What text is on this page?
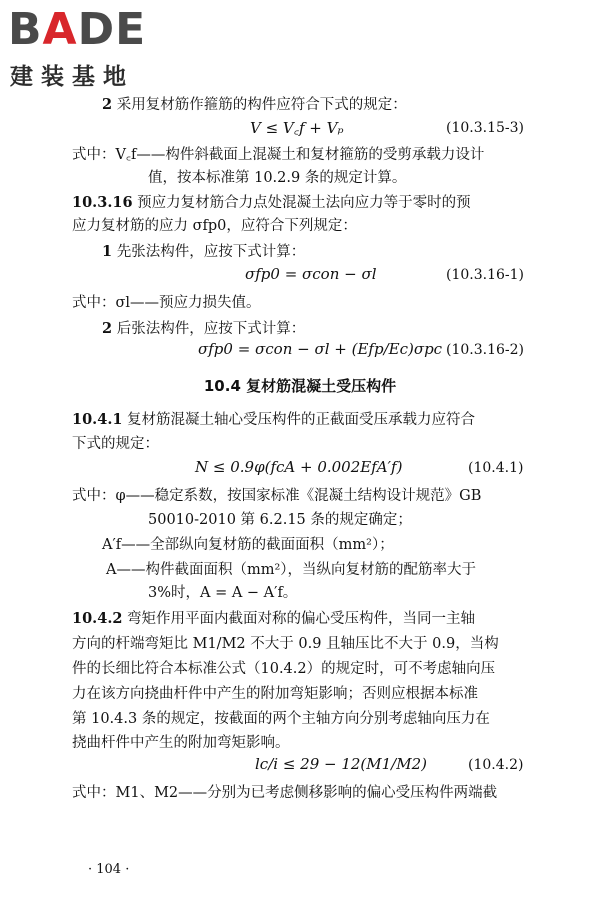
BADE
建装基地
2 采用复材筋作箍筋的构件应符合下式的规定：
V ≤ V꜀f + Vₚ	(10.3.15-3)
式中：V꜀f——构件斜截面上混凝土和复材箍筋的受剪承载力设计
值，按本标准第 10.2.9 条的规定计算。
10.3.16 预应力复材筋合力点处混凝土法向应力等于零时的预
应力复材筋的应力 σfp0，应符合下列规定：
1 先张法构件，应按下式计算：
σfp0 = σcon − σl	(10.3.16-1)
式中：σl——预应力损失值。
2 后张法构件，应按下式计算：
σfp0 = σcon − σl + (Efp/Ec)σpc (10.3.16-2)
10.4 复材筋混凝土受压构件
10.4.1 复材筋混凝土轴心受压构件的正截面受压承载力应符合
下式的规定：
N ≤ 0.9φ(fcA + 0.002EfA′f)	(10.4.1)
式中：φ——稳定系数，按国家标准《混凝土结构设计规范》GB
50010-2010 第 6.2.15 条的规定确定；
A′f——全部纵向复材筋的截面面积（mm²）；
A——构件截面面积（mm²），当纵向复材筋的配筋率大于
3%时，A = A − A′f。
10.4.2 弯矩作用平面内截面对称的偏心受压构件，当同一主轴
方向的杆端弯矩比 M1/M2 不大于 0.9 且轴压比不大于 0.9，当构
件的长细比符合本标准公式（10.4.2）的规定时，可不考虑轴向压
力在该方向挠曲杆件中产生的附加弯矩影响；否则应根据本标准
第 10.4.3 条的规定，按截面的两个主轴方向分别考虑轴向压力在
挠曲杆件中产生的附加弯矩影响。
lc/i ≤ 29 − 12(M1/M2)	(10.4.2)
式中：M1、M2——分别为已考虑侧移影响的偏心受压构件两端截
· 104 ·
